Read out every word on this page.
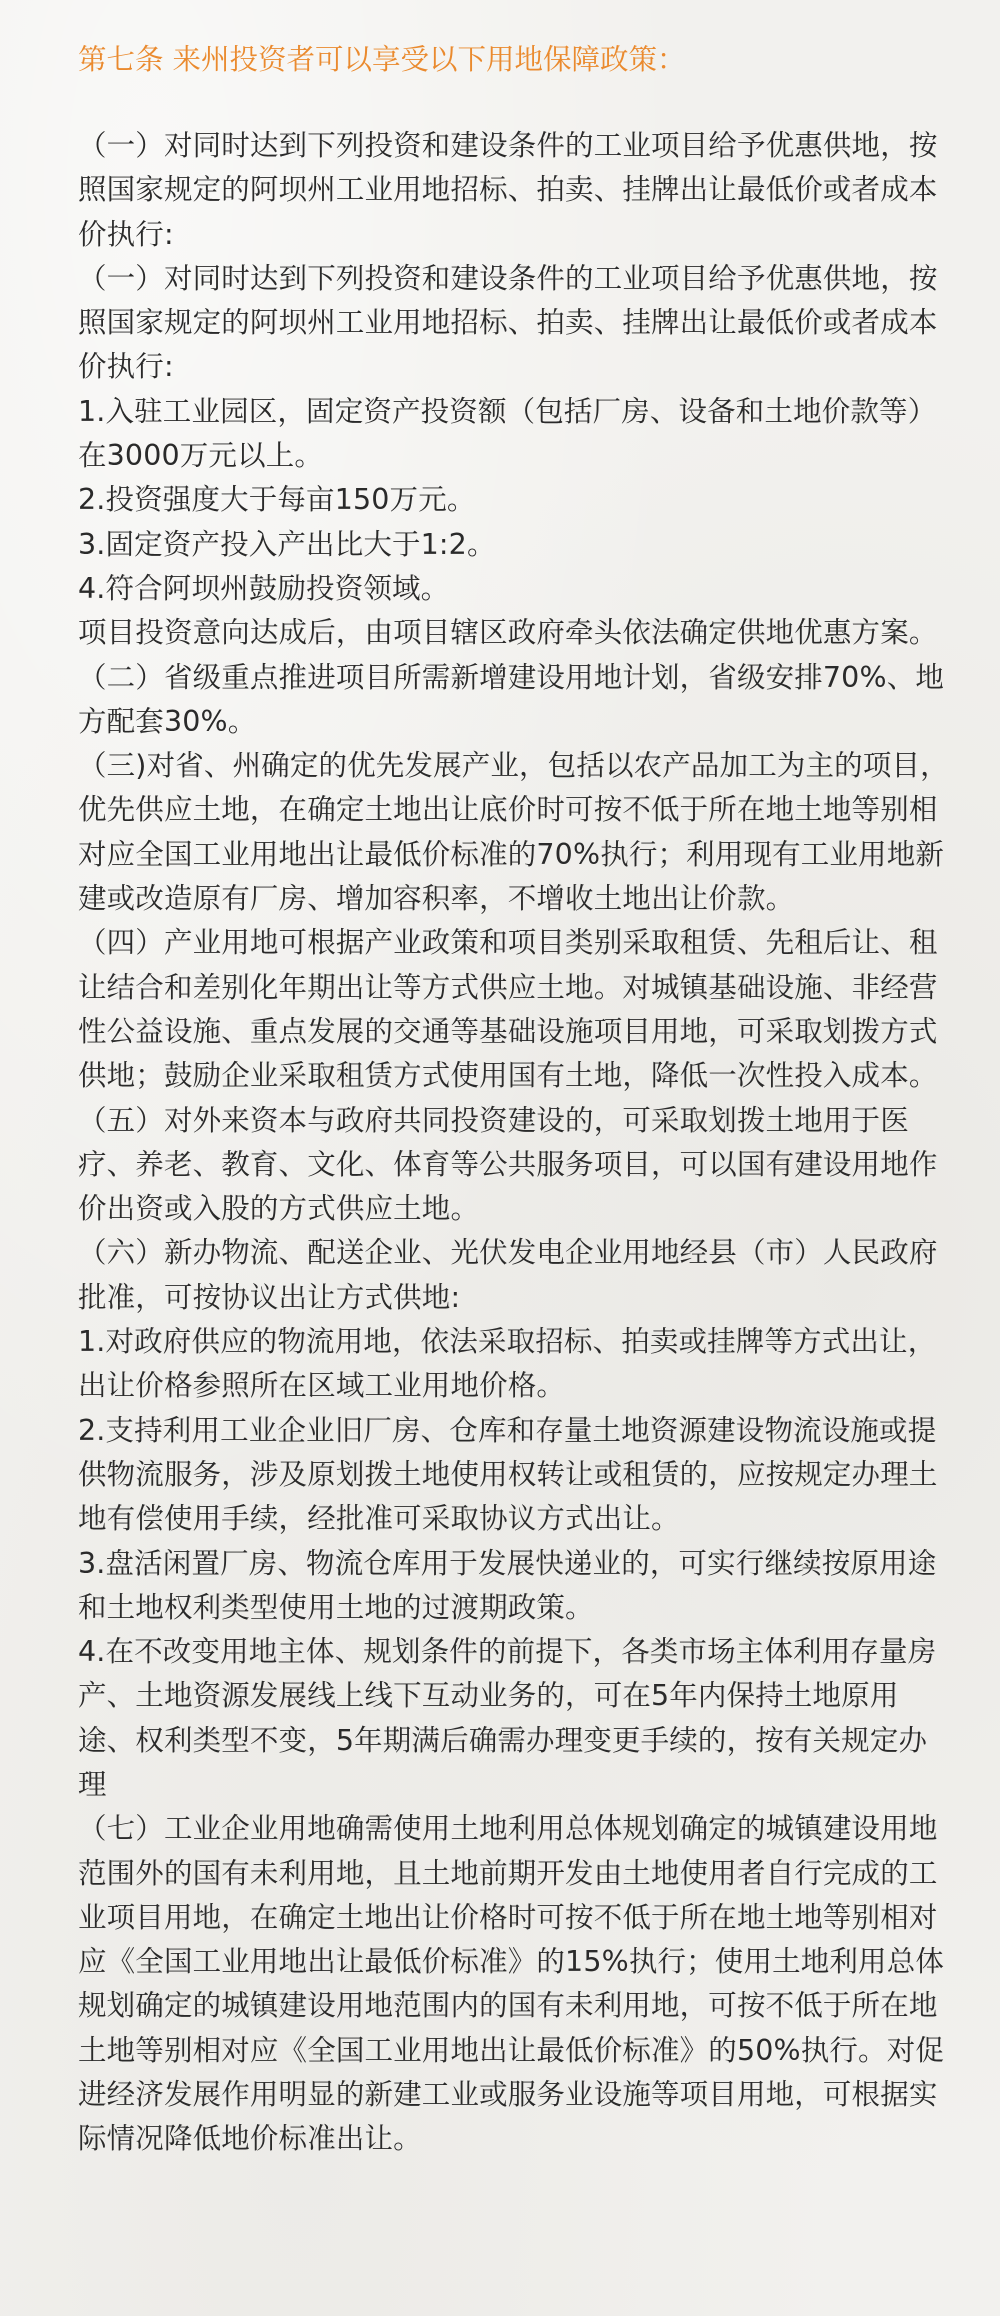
第七条 来州投资者可以享受以下用地保障政策：
（一）对同时达到下列投资和建设条件的工业项目给予优惠供地，按照国家规定的阿坝州工业用地招标、拍卖、挂牌出让最低价或者成本价执行:
（一）对同时达到下列投资和建设条件的工业项目给予优惠供地，按照国家规定的阿坝州工业用地招标、拍卖、挂牌出让最低价或者成本价执行:
1.入驻工业园区，固定资产投资额（包括厂房、设备和土地价款等）在3000万元以上。
2.投资强度大于每亩150万元。
3.固定资产投入产出比大于1:2。
4.符合阿坝州鼓励投资领域。
项目投资意向达成后，由项目辖区政府牵头依法确定供地优惠方案。
（二）省级重点推进项目所需新增建设用地计划，省级安排70%、地方配套30%。
（三)对省、州确定的优先发展产业，包括以农产品加工为主的项目，优先供应土地，在确定土地出让底价时可按不低于所在地土地等别相对应全国工业用地出让最低价标准的70%执行；利用现有工业用地新建或改造原有厂房、增加容积率，不增收土地出让价款。
（四）产业用地可根据产业政策和项目类别采取租赁、先租后让、租让结合和差别化年期出让等方式供应土地。对城镇基础设施、非经营性公益设施、重点发展的交通等基础设施项目用地，可采取划拨方式供地；鼓励企业采取租赁方式使用国有土地，降低一次性投入成本。
（五）对外来资本与政府共同投资建设的，可采取划拨土地用于医疗、养老、教育、文化、体育等公共服务项目，可以国有建设用地作价出资或入股的方式供应土地。
（六）新办物流、配送企业、光伏发电企业用地经县（市）人民政府批准，可按协议出让方式供地:
1.对政府供应的物流用地，依法采取招标、拍卖或挂牌等方式出让，出让价格参照所在区域工业用地价格。
2.支持利用工业企业旧厂房、仓库和存量土地资源建设物流设施或提供物流服务，涉及原划拨土地使用权转让或租赁的，应按规定办理土地有偿使用手续，经批准可采取协议方式出让。
3.盘活闲置厂房、物流仓库用于发展快递业的，可实行继续按原用途和土地权利类型使用土地的过渡期政策。
4.在不改变用地主体、规划条件的前提下，各类市场主体利用存量房产、土地资源发展线上线下互动业务的，可在5年内保持土地原用途、权利类型不变，5年期满后确需办理变更手续的，按有关规定办理
（七）工业企业用地确需使用土地利用总体规划确定的城镇建设用地范围外的国有未利用地，且土地前期开发由土地使用者自行完成的工业项目用地，在确定土地出让价格时可按不低于所在地土地等别相对应《全国工业用地出让最低价标准》的15%执行；使用土地利用总体规划确定的城镇建设用地范围内的国有未利用地，可按不低于所在地土地等别相对应《全国工业用地出让最低价标准》的50%执行。对促进经济发展作用明显的新建工业或服务业设施等项目用地，可根据实际情况降低地价标准出让。
